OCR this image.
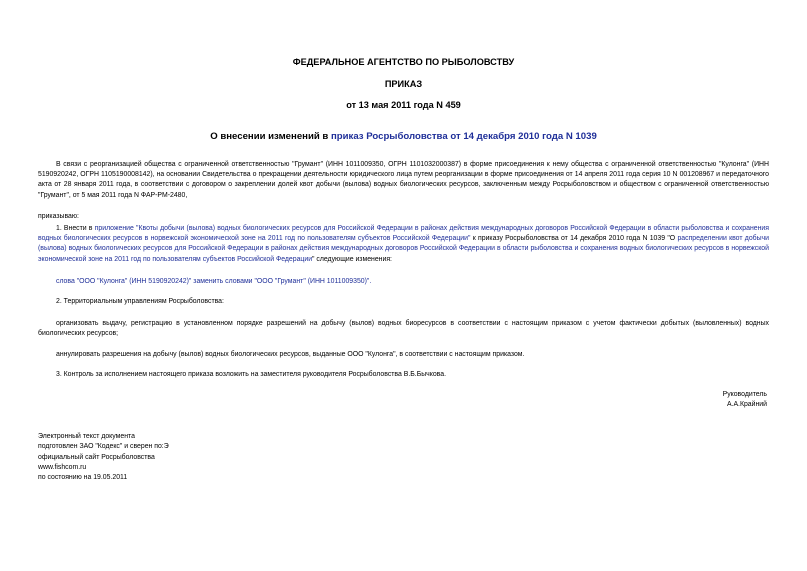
ФЕДЕРАЛЬНОЕ АГЕНТСТВО ПО РЫБОЛОВСТВУ
ПРИКАЗ
от 13 мая 2011 года N 459
О внесении изменений в приказ Росрыболовства от 14 декабря 2010 года N 1039
В связи с реорганизацией общества с ограниченной ответственностью "Грумант" (ИНН 1011009350, ОГРН 1101032000387) в форме присоединения к нему общества с ограниченной ответственностью "Кулонга" (ИНН 5190920242, ОГРН 1105190008142), на основании Свидетельства о прекращении деятельности юридического лица путем реорганизации в форме присоединения от 14 апреля 2011 года серия 10 N 001208967 и передаточного акта от 28 января 2011 года, в соответствии с договором о закреплении долей квот добычи (вылова) водных биологических ресурсов, заключенным между Росрыболовством и обществом с ограниченной ответственностью "Грумант", от 5 мая 2011 года N ФАР-РМ-2480,
приказываю:
1. Внести в приложение "Квоты добычи (вылова) водных биологических ресурсов для Российской Федерации в районах действия международных договоров Российской Федерации в области рыболовства и сохранения водных биологических ресурсов в норвежской экономической зоне на 2011 год по пользователям субъектов Российской Федерации" к приказу Росрыболовства от 14 декабря 2010 года N 1039 "О распределении квот добычи (вылова) водных биологических ресурсов для Российской Федерации в районах действия международных договоров Российской Федерации в области рыболовства и сохранения водных биологических ресурсов в норвежской экономической зоне на 2011 год по пользователям субъектов Российской Федерации" следующие изменения:
слова "ООО "Кулонга" (ИНН 5190920242)" заменить словами "ООО "Грумант" (ИНН 1011009350)".
2. Территориальным управлениям Росрыболовства:
организовать выдачу, регистрацию в установленном порядке разрешений на добычу (вылов) водных биоресурсов в соответствии с настоящим приказом с учетом фактически добытых (выловленных) водных биологических ресурсов;
аннулировать разрешения на добычу (вылов) водных биологических ресурсов, выданные ООО "Кулонга", в соответствии с настоящим приказом.
3. Контроль за исполнением настоящего приказа возложить на заместителя руководителя Росрыболовства В.Б.Бычкова.
Руководитель
А.А.Крайний
Электронный текст документа
подготовлен ЗАО "Кодекс" и сверен по:Э
официальный сайт Росрыболовства
www.fishcom.ru
по состоянию на 19.05.2011
